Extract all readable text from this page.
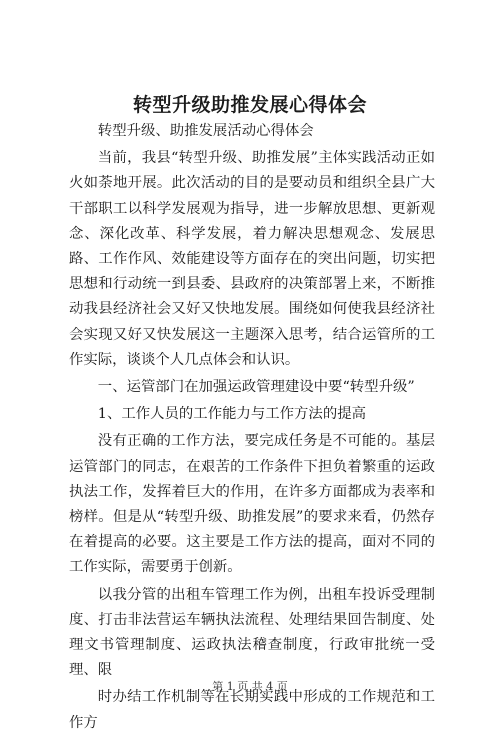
转型升级助推发展心得体会

转型升级、助推发展活动心得体会

当前，我县“转型升级、助推发展”主体实践活动正如火如荼地开展。此次活动的目的是要动员和组织全县广大干部职工以科学发展观为指导，进一步解放思想、更新观念、深化改革、科学发展，着力解决思想观念、发展思路、工作作风、效能建设等方面存在的突出问题，切实把思想和行动统一到县委、县政府的决策部署上来，不断推动我县经济社会又好又快地发展。围绕如何使我县经济社会实现又好又快发展这一主题深入思考，结合运管所的工作实际，谈谈个人几点体会和认识。

一、运管部门在加强运政管理建设中要“转型升级”

1、工作人员的工作能力与工作方法的提高

没有正确的工作方法，要完成任务是不可能的。基层运管部门的同志，在艰苦的工作条件下担负着繁重的运政执法工作，发挥着巨大的作用，在许多方面都成为表率和榜样。但是从“转型升级、助推发展”的要求来看，仍然存在着提高的必要。这主要是工作方法的提高，面对不同的工作实际，需要勇于创新。

以我分管的出租车管理工作为例，出租车投诉受理制度、打击非法营运车辆执法流程、处理结果回告制度、处理文书管理制度、运政执法稽查制度，行政审批统一受理、限

时办结工作机制等在长期实践中形成的工作规范和工作方

第 1 页 共 4 页
